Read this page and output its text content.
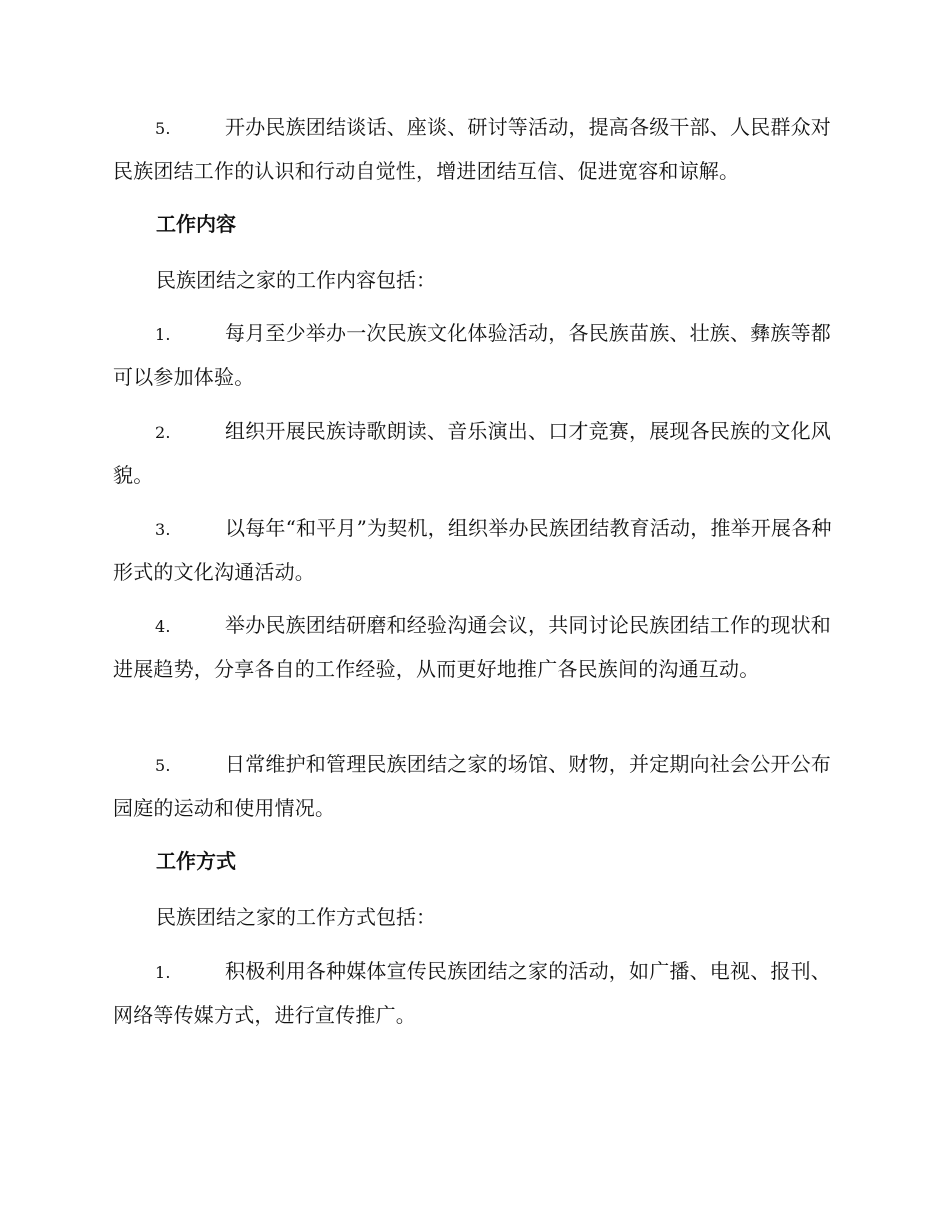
5.	开办民族团结谈话、座谈、研讨等活动，提高各级干部、人民群众对民族团结工作的认识和行动自觉性，增进团结互信、促进宽容和谅解。
工作内容
民族团结之家的工作内容包括：
1.	每月至少举办一次民族文化体验活动，各民族苗族、壮族、彝族等都可以参加体验。
2.	组织开展民族诗歌朗读、音乐演出、口才竞赛，展现各民族的文化风貌。
3.	以每年“和平月”为契机，组织举办民族团结教育活动，推举开展各种形式的文化沟通活动。
4.	举办民族团结研磨和经验沟通会议，共同讨论民族团结工作的现状和进展趋势，分享各自的工作经验，从而更好地推广各民族间的沟通互动。
5.	日常维护和管理民族团结之家的场馆、财物，并定期向社会公开公布园庭的运动和使用情况。
工作方式
民族团结之家的工作方式包括：
1.	积极利用各种媒体宣传民族团结之家的活动，如广播、电视、报刊、网络等传媒方式，进行宣传推广。
